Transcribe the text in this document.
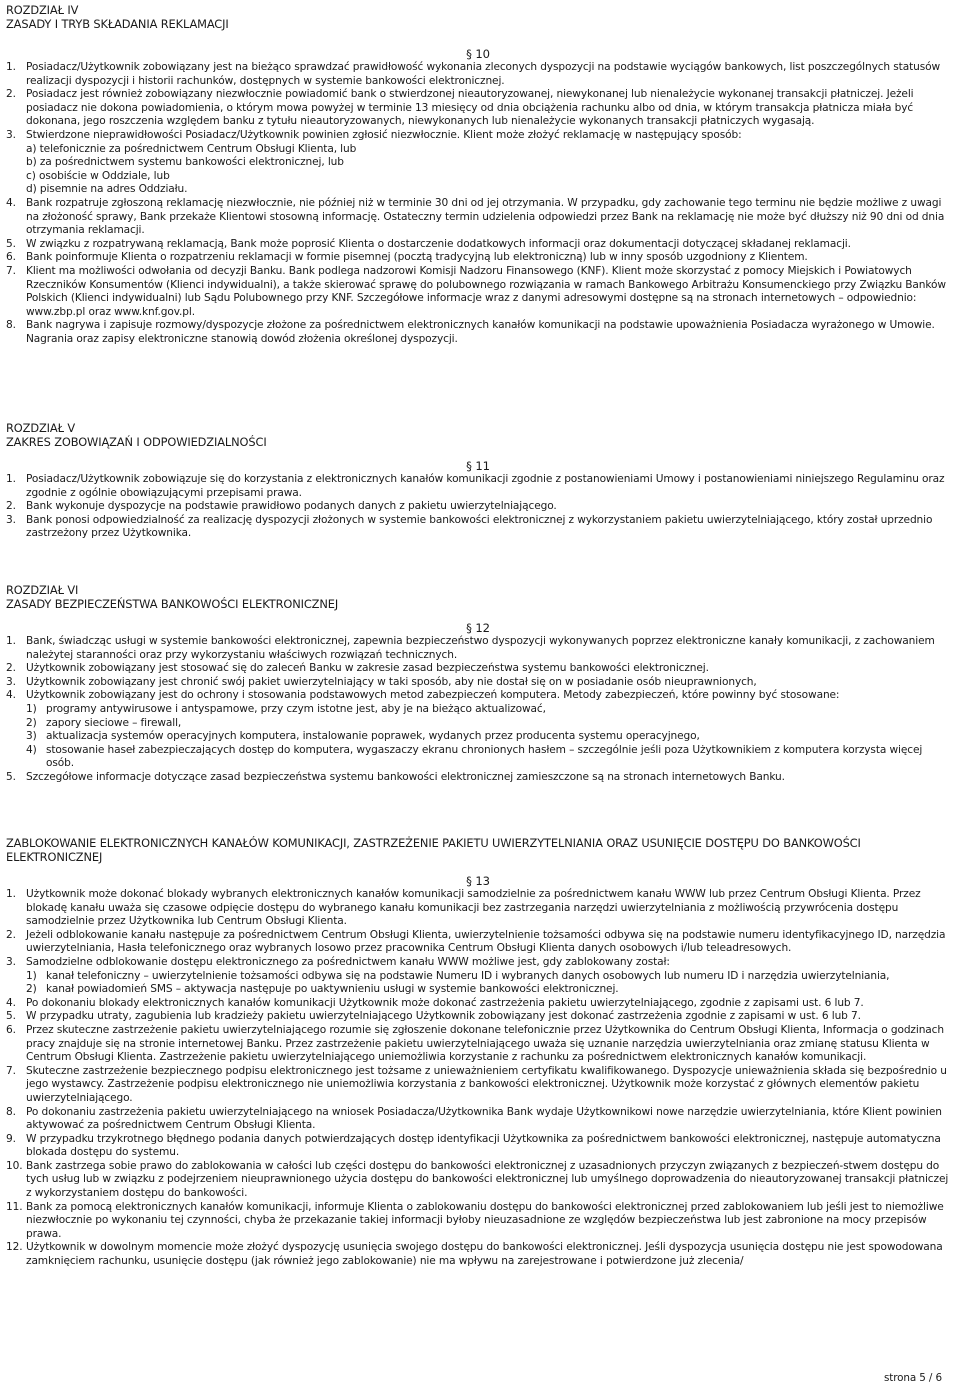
ROZDZIAŁ IV
ZASADY I TRYB SKŁADANIA REKLAMACJI
§ 10
1. Posiadacz/Użytkownik zobowiązany jest na bieżąco sprawdzać prawidłowość wykonania zleconych dyspozycji na podstawie wyciągów bankowych, list poszczególnych statusów realizacji dyspozycji i historii rachunków, dostępnych w systemie bankowości elektronicznej.
2. Posiadacz jest również zobowiązany niezwłocznie powiadomić bank o stwierdzonej nieautoryzowanej, niewykonanej lub nienależycie wykonanej transakcji płatniczej. Jeżeli posiadacz nie dokona powiadomienia, o którym mowa powyżej w terminie 13 miesięcy od dnia obciążenia rachunku albo od dnia, w którym transakcja płatnicza miała być dokonana, jego roszczenia względem banku z tytułu nieautoryzowanych, niewykonanych lub nienależycie wykonanych transakcji płatniczych wygasają.
3. Stwierdzone nieprawidłowości Posiadacz/Użytkownik powinien zgłosić niezwłocznie. Klient może złożyć reklamację w następujący sposób:
a) telefonicznie za pośrednictwem Centrum Obsługi Klienta, lub
b) za pośrednictwem systemu bankowości elektronicznej, lub
c) osobiście w Oddziale, lub
d) pisemnie na adres Oddziału.
4. Bank rozpatruje zgłoszoną reklamację niezwłocznie, nie później niż w terminie 30 dni od jej otrzymania. W przypadku, gdy zachowanie tego terminu nie będzie możliwe z uwagi na złożoność sprawy, Bank przekaże Klientowi stosowną informację. Ostateczny termin udzielenia odpowiedzi przez Bank na reklamację nie może być dłuższy niż 90 dni od dnia otrzymania reklamacji.
5. W związku z rozpatrywaną reklamacją, Bank może poprosić Klienta o dostarczenie dodatkowych informacji oraz dokumentacji dotyczącej składanej reklamacji.
6. Bank poinformuje Klienta o rozpatrzeniu reklamacji w formie pisemnej (pocztą tradycyjną lub elektroniczną) lub w inny sposób uzgodniony z Klientem.
7. Klient ma możliwości odwołania od decyzji Banku. Bank podlega nadzorowi Komisji Nadzoru Finansowego (KNF). Klient może skorzystać z pomocy Miejskich i Powiatowych Rzeczników Konsumentów (Klienci indywidualni), a także skierować sprawę do polubownego rozwiązania w ramach Bankowego Arbitrażu Konsumenckiego przy Związku Banków Polskich (Klienci indywidualni) lub Sądu Polubownego przy KNF. Szczegółowe informacje wraz z danymi adresowymi dostępne są na stronach internetowych – odpowiednio: www.zbp.pl oraz www.knf.gov.pl.
8. Bank nagrywa i zapisuje rozmowy/dyspozycje złożone za pośrednictwem elektronicznych kanałów komunikacji na podstawie upoważnienia Posiadacza wyrażonego w Umowie. Nagrania oraz zapisy elektroniczne stanowią dowód złożenia określonej dyspozycji.
ROZDZIAŁ V
ZAKRES ZOBOWIĄZAŃ I ODPOWIEDZIALNOŚCI
§ 11
1. Posiadacz/Użytkownik zobowiązuje się do korzystania z elektronicznych kanałów komunikacji zgodnie z postanowieniami Umowy i postanowieniami niniejszego Regulaminu oraz zgodnie z ogólnie obowiązującymi przepisami prawa.
2. Bank wykonuje dyspozycje na podstawie prawidłowo podanych danych z pakietu uwierzytelniającego.
3. Bank ponosi odpowiedzialność za realizację dyspozycji złożonych w systemie bankowości elektronicznej z wykorzystaniem pakietu uwierzytelniającego, który został uprzednio zastrzeżony przez Użytkownika.
ROZDZIAŁ VI
ZASADY BEZPIECZEŃSTWA BANKOWOŚCI ELEKTRONICZNEJ
§ 12
1. Bank, świadcząc usługi w systemie bankowości elektronicznej, zapewnia bezpieczeństwo dyspozycji wykonywanych poprzez elektroniczne kanały komunikacji, z zachowaniem należytej staranności oraz przy wykorzystaniu właściwych rozwiązań technicznych.
2. Użytkownik zobowiązany jest stosować się do zaleceń Banku w zakresie zasad bezpieczeństwa systemu bankowości elektronicznej.
3. Użytkownik zobowiązany jest chronić swój pakiet uwierzytelniający w taki sposób, aby nie dostał się on w posiadanie osób nieuprawnionych,
4. Użytkownik zobowiązany jest do ochrony i stosowania podstawowych metod zabezpieczeń komputera. Metody zabezpieczeń, które powinny być stosowane:
1) programy antywirusowe i antyspamowe, przy czym istotne jest, aby je na bieżąco aktualizować,
2) zapory sieciowe – firewall,
3) aktualizacja systemów operacyjnych komputera, instalowanie poprawek, wydanych przez producenta systemu operacyjnego,
4) stosowanie haseł zabezpieczających dostęp do komputera, wygaszaczy ekranu chronionych hasłem – szczególnie jeśli poza Użytkownikiem z komputera korzysta więcej osób.
5. Szczegółowe informacje dotyczące zasad bezpieczeństwa systemu bankowości elektronicznej zamieszczone są na stronach internetowych Banku.
ZABLOKOWANIE ELEKTRONICZNYCH KANAŁÓW KOMUNIKACJI, ZASTRZEŻENIE PAKIETU UWIERZYTELNIANIA ORAZ USUNIĘCIE DOSTĘPU DO BANKOWOŚCI ELEKTRONICZNEJ
§ 13
1. Użytkownik może dokonać blokady wybranych elektronicznych kanałów komunikacji samodzielnie za pośrednictwem kanału WWW lub przez Centrum Obsługi Klienta. Przez blokadę kanału uważa się czasowe odpięcie dostępu do wybranego kanału komunikacji bez zastrzegania narzędzi uwierzytelniania z możliwością przywrócenia dostępu samodzielnie przez Użytkownika lub Centrum Obsługi Klienta.
2. Jeżeli odblokowanie kanału następuje za pośrednictwem Centrum Obsługi Klienta, uwierzytelnienie tożsamości odbywa się na podstawie numeru identyfikacyjnego ID, narzędzia uwierzytelniania, Hasła telefonicznego oraz wybranych losowo przez pracownika Centrum Obsługi Klienta danych osobowych i/lub teleadresowych.
3. Samodzielne odblokowanie dostępu elektronicznego za pośrednictwem kanału WWW możliwe jest, gdy zablokowany został:
1) kanał telefoniczny – uwierzytelnienie tożsamości odbywa się na podstawie Numeru ID i wybranych danych osobowych lub numeru ID i narzędzia uwierzytelniania,
2) kanał powiadomień SMS – aktywacja następuje po uaktywnieniu usługi w systemie bankowości elektronicznej.
4. Po dokonaniu blokady elektronicznych kanałów komunikacji Użytkownik może dokonać zastrzeżenia pakietu uwierzytelniającego, zgodnie z zapisami ust. 6 lub 7.
5. W przypadku utraty, zagubienia lub kradzieży pakietu uwierzytelniającego Użytkownik zobowiązany jest dokonać zastrzeżenia zgodnie z zapisami w ust. 6 lub 7.
6. Przez skuteczne zastrzeżenie pakietu uwierzytelniającego rozumie się zgłoszenie dokonane telefonicznie przez Użytkownika do Centrum Obsługi Klienta, Informacja o godzinach pracy znajduje się na stronie internetowej Banku. Przez zastrzeżenie pakietu uwierzytelniającego uważa się uznanie narzędzia uwierzytelniania oraz zmianę statusu Klienta w Centrum Obsługi Klienta. Zastrzeżenie pakietu uwierzytelniającego uniemożliwia korzystanie z rachunku za pośrednictwem elektronicznych kanałów komunikacji.
7. Skuteczne zastrzeżenie bezpiecznego podpisu elektronicznego jest tożsame z unieważnieniem certyfikatu kwalifikowanego. Dyspozycje unieważnienia składa się bezpośrednio u jego wystawcy. Zastrzeżenie podpisu elektronicznego nie uniemożliwia korzystania z bankowości elektronicznej. Użytkownik może korzystać z głównych elementów pakietu uwierzytelniającego.
8. Po dokonaniu zastrzeżenia pakietu uwierzytelniającego na wniosek Posiadacza/Użytkownika Bank wydaje Użytkownikowi nowe narzędzie uwierzytelniania, które Klient powinien aktywować za pośrednictwem Centrum Obsługi Klienta.
9. W przypadku trzykrotnego błędnego podania danych potwierdzających dostęp identyfikacji Użytkownika za pośrednictwem bankowości elektronicznej, następuje automatyczna blokada dostępu do systemu.
10. Bank zastrzega sobie prawo do zablokowania w całości lub części dostępu do bankowości elektronicznej z uzasadnionych przyczyn związanych z bezpieczeń-stwem dostępu do tych usług lub w związku z podejrzeniem nieuprawnionego użycia dostępu do bankowości elektronicznej lub umyślnego doprowadzenia do nieautoryzowanej transakcji płatniczej z wykorzystaniem dostępu do bankowości.
11. Bank za pomocą elektronicznych kanałów komunikacji, informuje Klienta o zablokowaniu dostępu do bankowości elektronicznej przed zablokowaniem lub jeśli jest to niemożliwe niezwłocznie po wykonaniu tej czynności, chyba że przekazanie takiej informacji byłoby nieuzasadnione ze względów bezpieczeństwa lub jest zabronione na mocy przepisów prawa.
12. Użytkownik w dowolnym momencie może złożyć dyspozycję usunięcia swojego dostępu do bankowości elektronicznej. Jeśli dyspozycja usunięcia dostępu nie jest spowodowana zamknięciem rachunku, usunięcie dostępu (jak również jego zablokowanie) nie ma wpływu na zarejestrowane i potwierdzone już zlecenia/
strona 5 / 6
